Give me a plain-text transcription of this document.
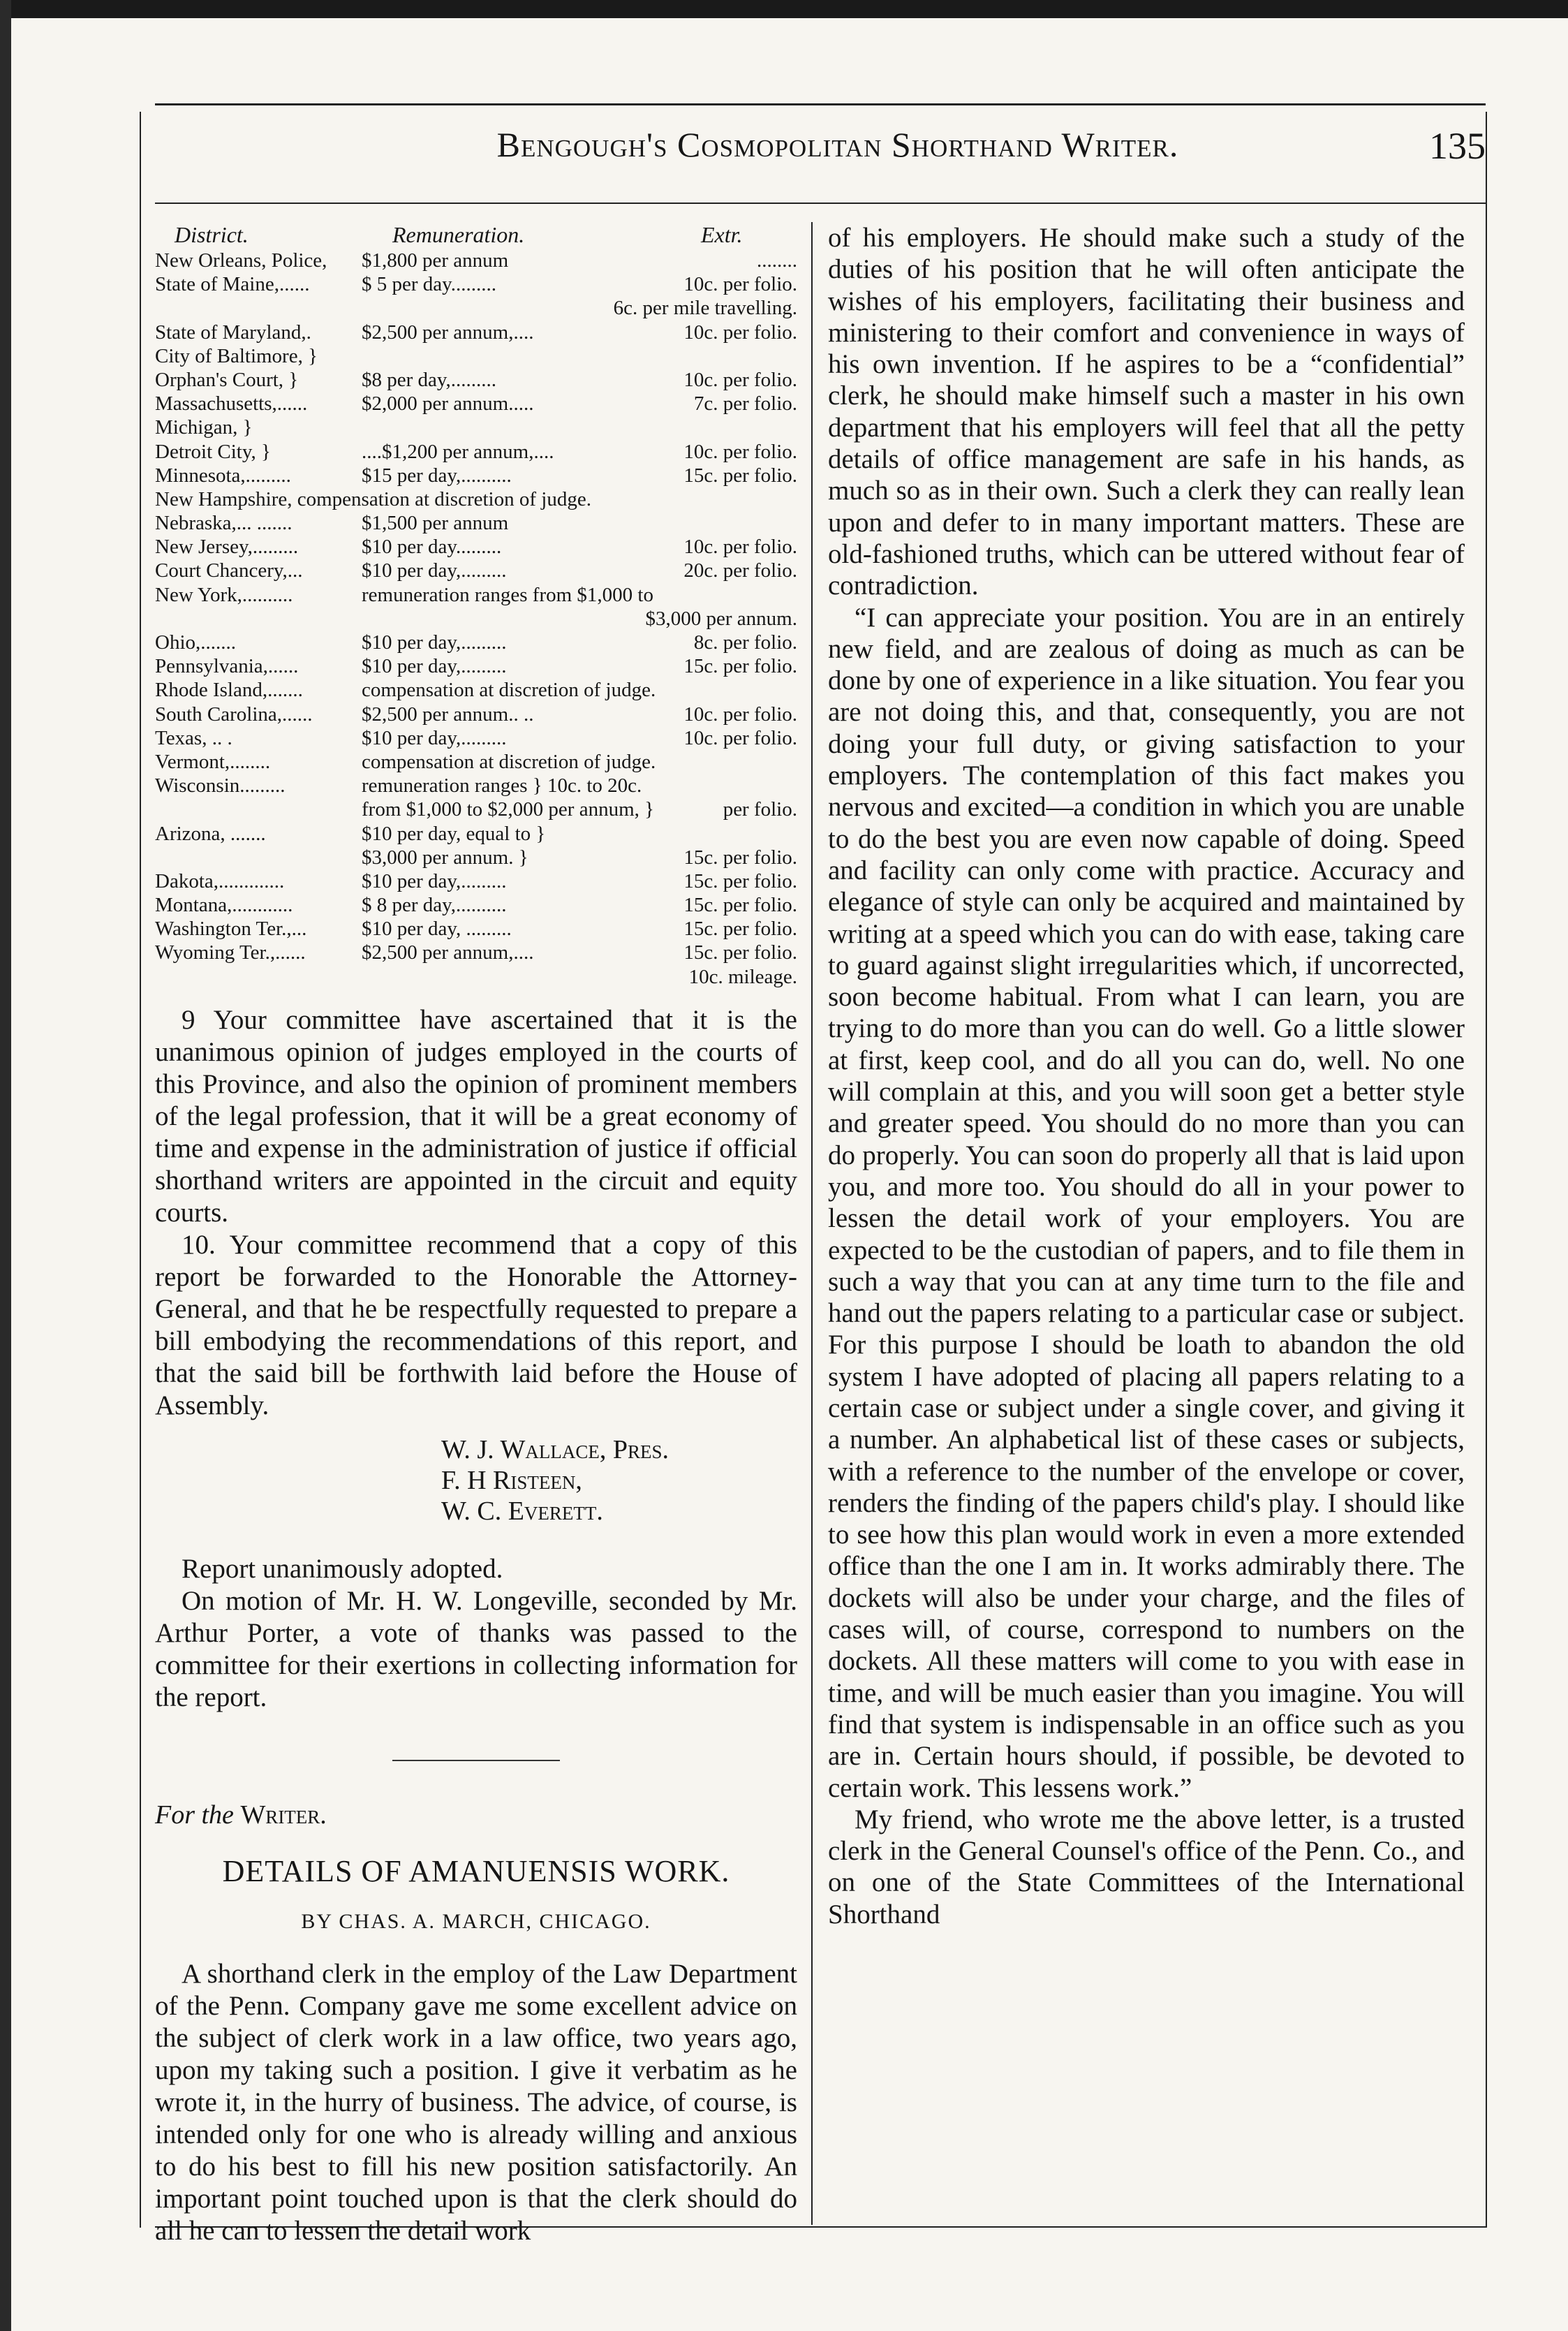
Bengough's Cosmopolitan Shorthand Writer.	135
District.	Remuneration.	Extr.
New Orleans, Police, $1,800 per annum	........
State of Maine,......	$ 5 per day.........	10c. per folio.
6c. per mile travelling.
State of Maryland,. $2,500 per annum,....	10c. per folio.
City of Baltimore, }
Orphan's Court, }	$8 per day,.........	10c. per folio.
Massachusetts,......	$2,000 per annum.....	7c. per folio.
Michigan, }
Detroit City, }	....$1,200 per annum,....	10c. per folio.
Minnesota,.........	$15 per day,..........	15c. per folio.
New Hampshire, compensation at discretion of judge.
Nebraska,... .......	$1,500 per annum
New Jersey,.........	$10 per day.........	10c. per folio.
Court Chancery,...	$10 per day,.........	20c. per folio.
New York,..........	remuneration ranges from $1,000 to
$3,000 per annum.
Ohio,.......	$10 per day,.........	8c. per folio.
Pennsylvania,......	$10 per day,.........	15c. per folio.
Rhode Island,.......	compensation at discretion of judge.
South Carolina,...... $2,500 per annum.. ..	10c. per folio.
Texas, .. .	$10 per day,.........	10c. per folio.
Vermont,........	compensation at discretion of judge.
Wisconsin.........	remuneration ranges } 10c. to 20c.
from $1,000 to $2,000 per annum, }	per folio.
Arizona, .......	$10 per day, equal to }
$3,000 per annum. }	15c. per folio.
Dakota,.............	$10 per day,.........	15c. per folio.
Montana,............	$ 8 per day,..........	15c. per folio.
Washington Ter.,...	$10 per day, .........	15c. per folio.
Wyoming Ter.,......	$2,500 per annum,....	15c. per folio.
10c. mileage.

9 Your committee have ascertained that it is the unanimous opinion of judges employed in the courts of this Province, and also the opinion of prominent members of the legal profession, that it will be a great economy of time and expense in the administration of justice if official shorthand writers are appointed in the circuit and equity courts.

10. Your committee recommend that a copy of this report be forwarded to the Honorable the Attorney-General, and that he be respectfully requested to prepare a bill embodying the recommendations of this report, and that the said bill be forthwith laid before the House of Assembly.

W. J. Wallace, Pres.
F. H Risteen,
W. C. Everett.

Report unanimously adopted.

On motion of Mr. H. W. Longeville, seconded by Mr. Arthur Porter, a vote of thanks was passed to the committee for their exertions in collecting information for the report.

For the Writer.
DETAILS OF AMANUENSIS WORK.
BY CHAS. A. MARCH, CHICAGO.

A shorthand clerk in the employ of the Law Department of the Penn. Company gave me some excellent advice on the subject of clerk work in a law office, two years ago, upon my taking such a position. I give it verbatim as he wrote it, in the hurry of business. The advice, of course, is intended only for one who is already willing and anxious to do his best to fill his new position satisfactorily. An important point touched upon is that the clerk should do all he can to lessen the detail work

of his employers. He should make such a study of the duties of his position that he will often anticipate the wishes of his employers, facilitating their business and ministering to their comfort and convenience in ways of his own invention. If he aspires to be a “confidential” clerk, he should make himself such a master in his own department that his employers will feel that all the petty details of office management are safe in his hands, as much so as in their own. Such a clerk they can really lean upon and defer to in many important matters. These are old-fashioned truths, which can be uttered without fear of contradiction.

“I can appreciate your position. You are in an entirely new field, and are zealous of doing as much as can be done by one of experience in a like situation. You fear you are not doing this, and that, consequently, you are not doing your full duty, or giving satisfaction to your employers. The contemplation of this fact makes you nervous and excited—a condition in which you are unable to do the best you are even now capable of doing. Speed and facility can only come with practice. Accuracy and elegance of style can only be acquired and maintained by writing at a speed which you can do with ease, taking care to guard against slight irregularities which, if uncorrected, soon become habitual. From what I can learn, you are trying to do more than you can do well. Go a little slower at first, keep cool, and do all you can do, well. No one will complain at this, and you will soon get a better style and greater speed. You should do no more than you can do properly. You can soon do properly all that is laid upon you, and more too. You should do all in your power to lessen the detail work of your employers. You are expected to be the custodian of papers, and to file them in such a way that you can at any time turn to the file and hand out the papers relating to a particular case or subject. For this purpose I should be loath to abandon the old system I have adopted of placing all papers relating to a certain case or subject under a single cover, and giving it a number. An alphabetical list of these cases or subjects, with a reference to the number of the envelope or cover, renders the finding of the papers child's play. I should like to see how this plan would work in even a more extended office than the one I am in. It works admirably there. The dockets will also be under your charge, and the files of cases will, of course, correspond to numbers on the dockets. All these matters will come to you with ease in time, and will be much easier than you imagine. You will find that system is indispensable in an office such as you are in. Certain hours should, if possible, be devoted to certain work. This lessens work.”

My friend, who wrote me the above letter, is a trusted clerk in the General Counsel's office of the Penn. Co., and on one of the State Committees of the International Shorthand
